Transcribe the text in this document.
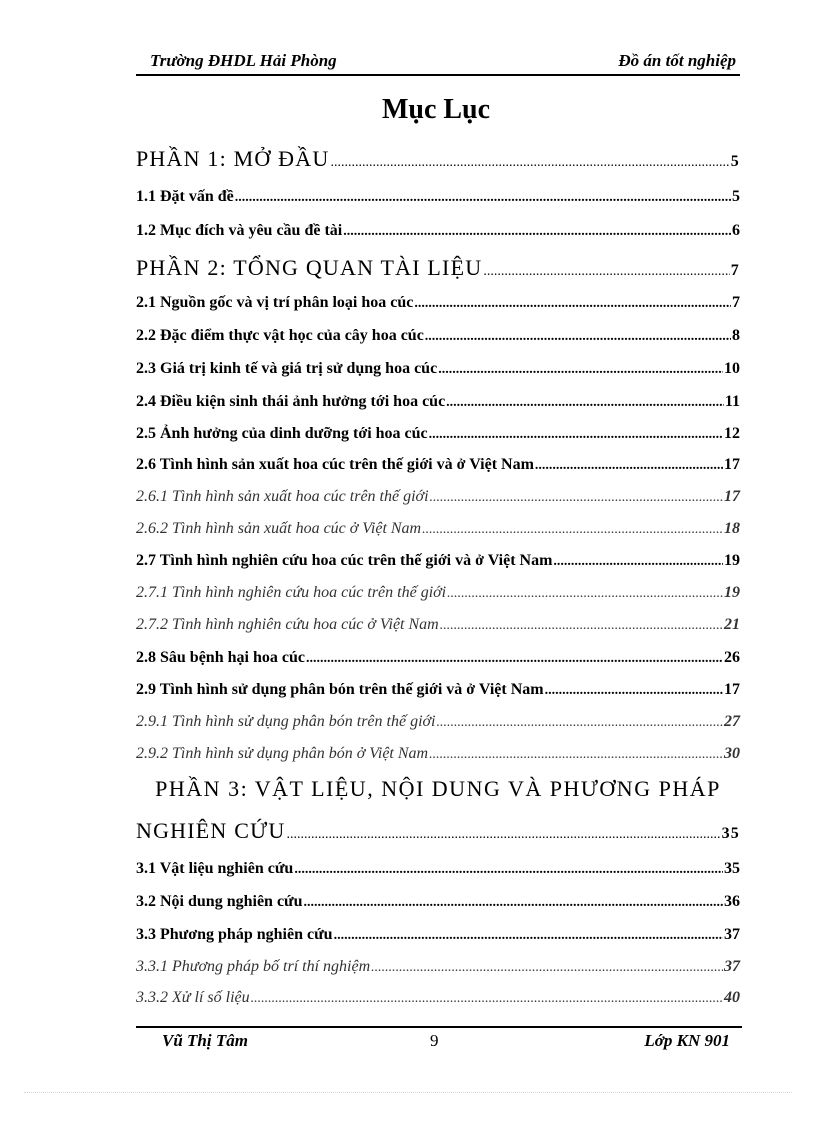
Trường ĐHDL Hải Phòng	Đồ án tốt nghiệp
Mục Lục
PHẦN 1: MỞ ĐẦU .....	5
1.1 Đặt vấn đề .....	5
1.2 Mục đích và yêu cầu đề tài .....	6
PHẦN 2: TỔNG QUAN TÀI LIỆU .....	7
2.1 Nguồn gốc và vị trí phân loại hoa cúc .....	7
2.2 Đặc điểm thực vật học của cây hoa cúc .....	8
2.3 Giá trị kinh tế và giá trị sử dụng hoa cúc .....	10
2.4 Điều kiện sinh thái ảnh hưởng tới hoa cúc .....	11
2.5 Ảnh hưởng của dinh dưỡng tới hoa cúc .....	12
2.6 Tình hình sản xuất hoa cúc trên thế giới và ở Việt Nam .....	17
2.6.1 Tình hình sản xuất hoa cúc trên thế giới .....	17
2.6.2 Tình hình sản xuất hoa cúc ở Việt Nam .....	18
2.7 Tình hình nghiên cứu hoa cúc trên thế giới và ở Việt Nam .....	19
2.7.1 Tình hình nghiên cứu hoa cúc trên thế giới .....	19
2.7.2 Tình hình nghiên cứu hoa cúc ở Việt Nam .....	21
2.8 Sâu bệnh hại hoa cúc .....	26
2.9 Tình hình sử dụng phân bón trên thế giới và ở Việt Nam .....	17
2.9.1 Tình hình sử dụng phân bón trên thế giới .....	27
2.9.2 Tình hình sử dụng phân bón ở Việt Nam .....	30
PHẦN 3: VẬT LIỆU, NỘI DUNG VÀ PHƯƠNG PHÁP
NGHIÊN CỨU .....	35
3.1 Vật liệu nghiên cứu .....	35
3.2 Nội dung nghiên cứu .....	36
3.3 Phương pháp nghiên cứu .....	37
3.3.1 Phương pháp bố trí thí nghiệm .....	37
3.3.2 Xử lí số liệu .....	40
Vũ Thị Tâm	9	Lớp KN 901
